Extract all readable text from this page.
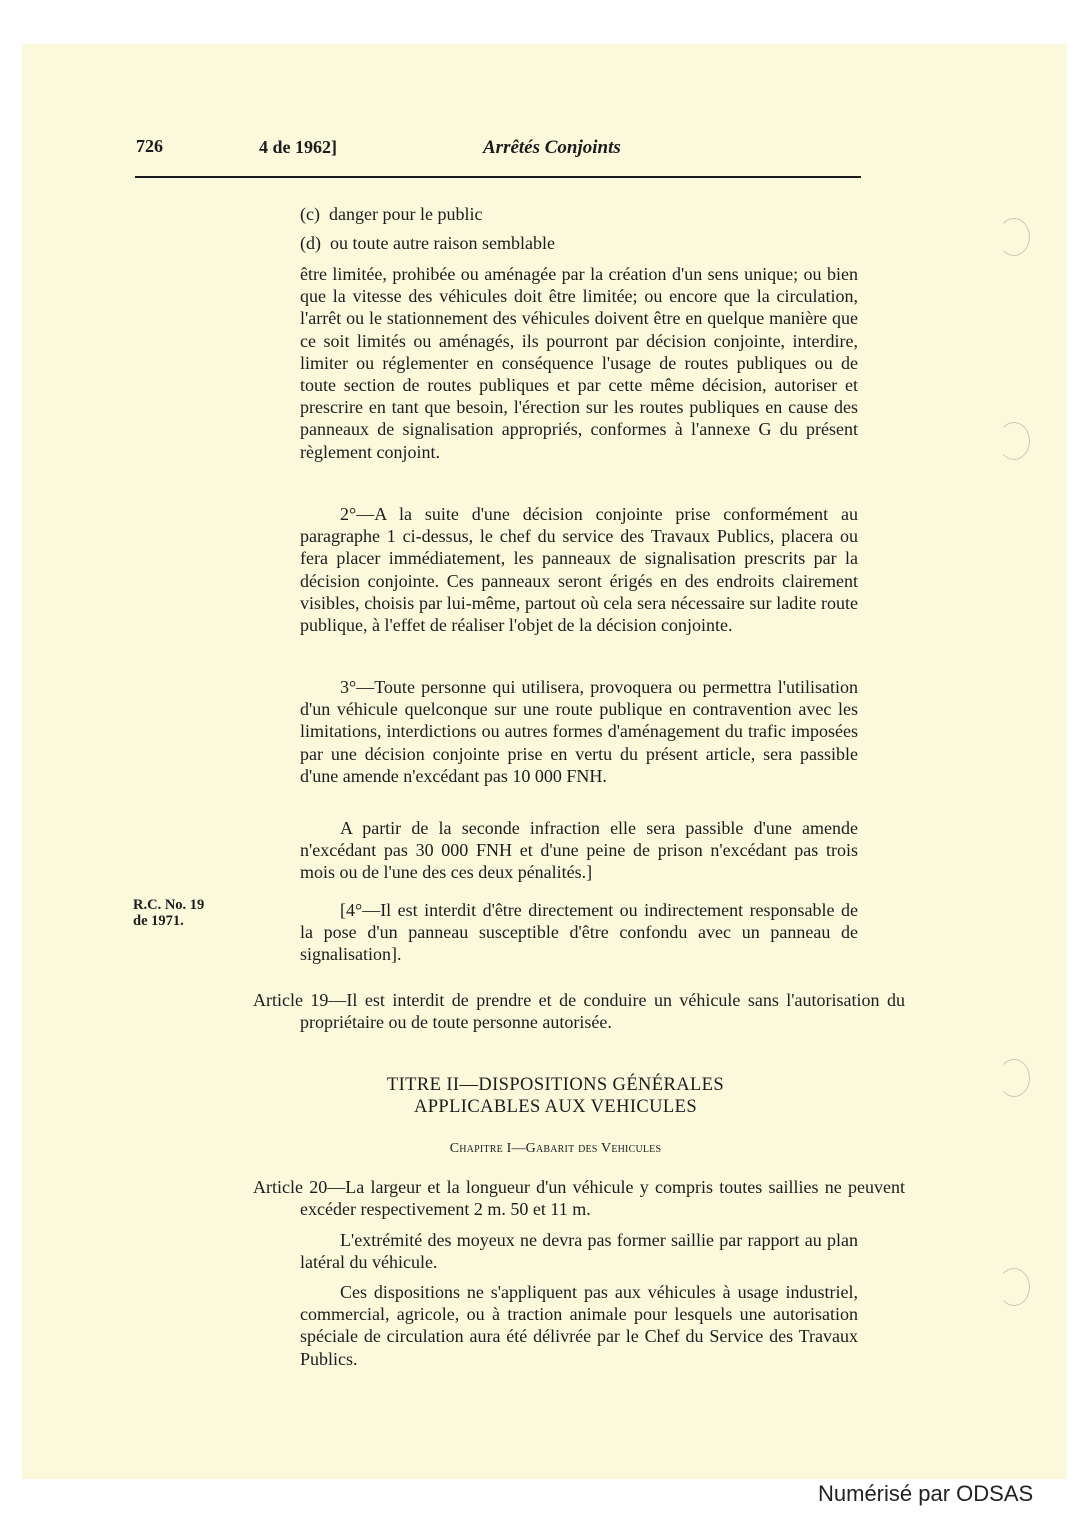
726	4 de 1962]	Arrêtés Conjoints
(c) danger pour le public
(d) ou toute autre raison semblable

être limitée, prohibée ou aménagée par la création d'un sens unique; ou bien que la vitesse des véhicules doit être limitée; ou encore que la circulation, l'arrêt ou le stationnement des véhicules doivent être en quelque manière que ce soit limités ou aménagés, ils pourront par décision conjointe, interdire, limiter ou réglementer en conséquence l'usage de routes publiques ou de toute section de routes publiques et par cette même décision, autoriser et prescrire en tant que besoin, l'érection sur les routes publiques en cause des panneaux de signalisation appropriés, conformes à l'annexe G du présent règlement conjoint.

2°—A la suite d'une décision conjointe prise conformément au paragraphe 1 ci-dessus, le chef du service des Travaux Publics, placera ou fera placer immédiatement, les panneaux de signalisation prescrits par la décision conjointe. Ces panneaux seront érigés en des endroits clairement visibles, choisis par lui-même, partout où cela sera nécessaire sur ladite route publique, à l'effet de réaliser l'objet de la décision conjointe.

3°—Toute personne qui utilisera, provoquera ou permettra l'utilisation d'un véhicule quelconque sur une route publique en contravention avec les limitations, interdictions ou autres formes d'aménagement du trafic imposées par une décision conjointe prise en vertu du présent article, sera passible d'une amende n'excédant pas 10 000 FNH.

A partir de la seconde infraction elle sera passible d'une amende n'excédant pas 30 000 FNH et d'une peine de prison n'excédant pas trois mois ou de l'une des ces deux pénalités.]

R.C. No. 19
de 1971.

[4°—Il est interdit d'être directement ou indirectement responsable de la pose d'un panneau susceptible d'être confondu avec un panneau de signalisation].

Article 19—Il est interdit de prendre et de conduire un véhicule sans l'autorisation du propriétaire ou de toute personne autorisée.

TITRE II—DISPOSITIONS GÉNÉRALES
APPLICABLES AUX VEHICULES
Chapitre I—Gabarit des Vehicules

Article 20—La largeur et la longueur d'un véhicule y compris toutes saillies ne peuvent excéder respectivement 2 m. 50 et 11 m.

L'extrémité des moyeux ne devra pas former saillie par rapport au plan latéral du véhicule.

Ces dispositions ne s'appliquent pas aux véhicules à usage industriel, commercial, agricole, ou à traction animale pour lesquels une autorisation spéciale de circulation aura été délivrée par le Chef du Service des Travaux Publics.

Numérisé par ODSAS
